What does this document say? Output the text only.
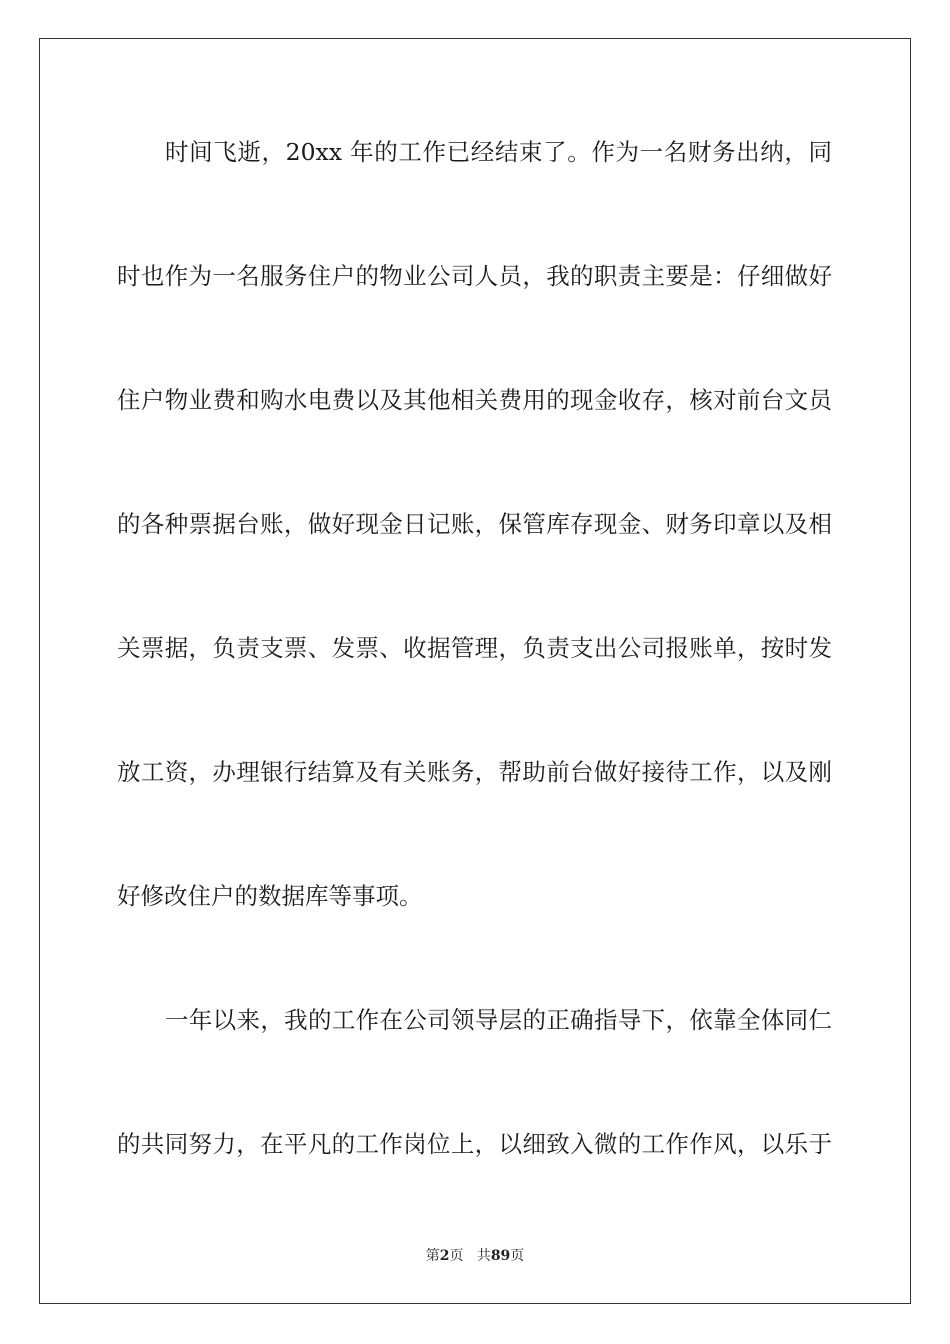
时间飞逝，20xx 年的工作已经结束了。作为一名财务出纳，同
时也作为一名服务住户的物业公司人员，我的职责主要是：仔细做好
住户物业费和购水电费以及其他相关费用的现金收存，核对前台文员
的各种票据台账，做好现金日记账，保管库存现金、财务印章以及相
关票据，负责支票、发票、收据管理，负责支出公司报账单，按时发
放工资，办理银行结算及有关账务，帮助前台做好接待工作，以及刚
好修改住户的数据库等事项。
一年以来，我的工作在公司领导层的正确指导下，依靠全体同仁
的共同努力，在平凡的工作岗位上，以细致入微的工作作风，以乐于
第2页 共89页
